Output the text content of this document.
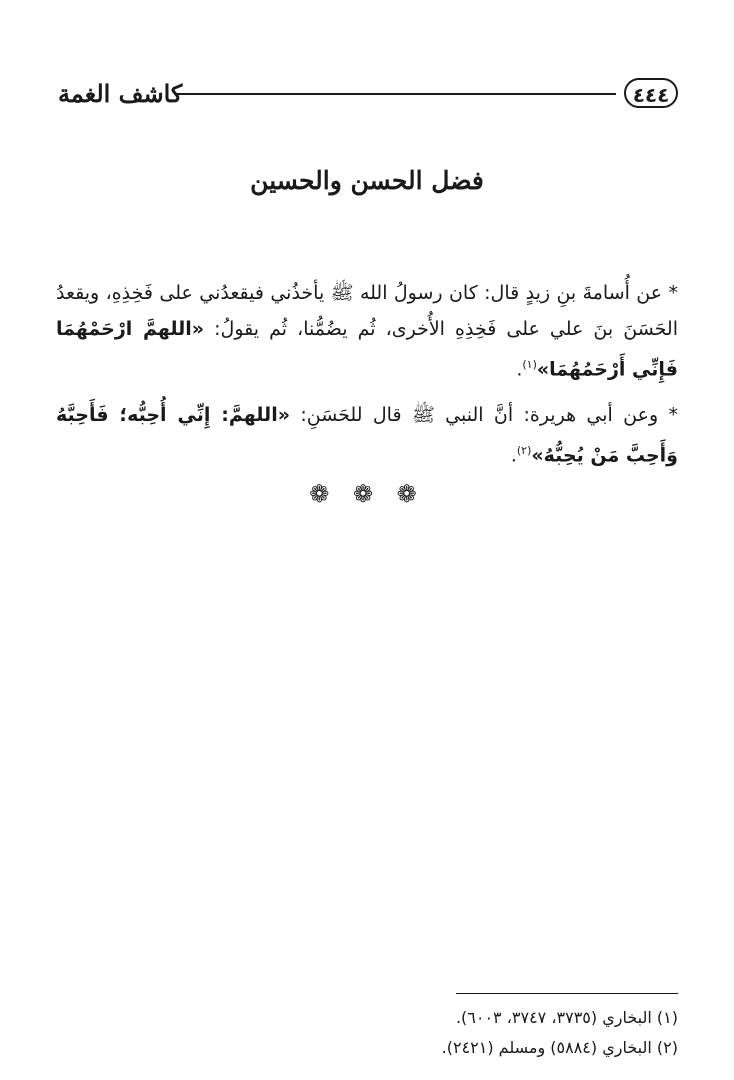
٤٤٤
كاشف الغمة
فضل الحسن والحسين

* عن أُسامةَ بنِ زيدٍ قال: كان رسولُ الله ﷺ يأخذُني فيقعدُني على فَخِذِهِ، ويقعدُ الحَسَنَ بنَ علي على فَخِذِهِ الأُخرى، ثُم يضُمُّنا، ثُم يقولُ: «اللهمَّ ارْحَمْهُمَا فَإِنِّي أَرْحَمُهُمَا»$^{(١)}$.

* وعن أبي هريرة: أنَّ النبي ﷺ قال للحَسَنِ: «اللهمَّ: إِنِّي أُحِبُّه؛ فَأَحِبَّهُ وَأَحِبَّ مَنْ يُحِبُّهُ»$^{(٢)}$.

❁ ❁ ❁
(١) البخاري (٣٧٣٥، ٣٧٤٧، ٦٠٠٣).
(٢) البخاري (٥٨٨٤) ومسلم (٢٤٢١).
